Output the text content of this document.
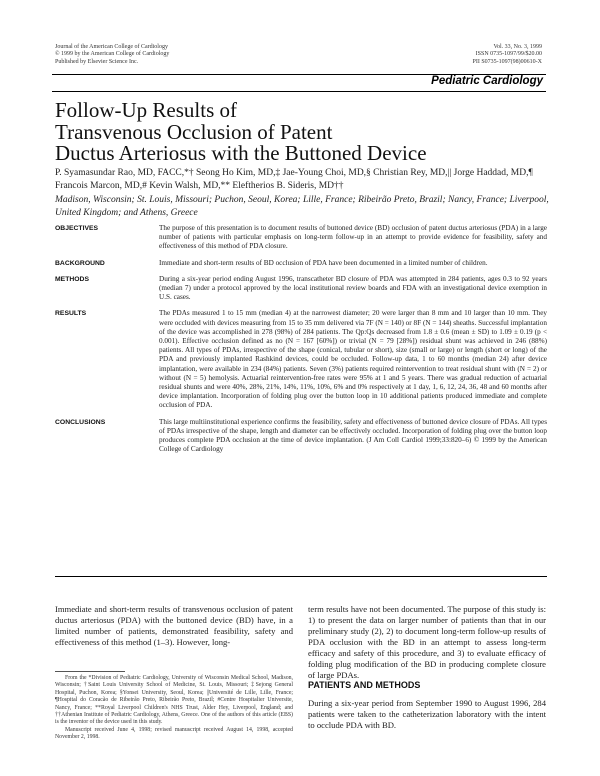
Journal of the American College of Cardiology
© 1999 by the American College of Cardiology
Published by Elsevier Science Inc.
Vol. 33, No. 3, 1999
ISSN 0735-1097/99/$20.00
PII S0735-1097(98)00610-X
Pediatric Cardiology
Follow-Up Results of
Transvenous Occlusion of Patent
Ductus Arteriosus with the Buttoned Device
P. Syamasundar Rao, MD, FACC,*† Seong Ho Kim, MD,‡ Jae-Young Choi, MD,§ Christian Rey, MD,|| Jorge Haddad, MD,¶ Francois Marcon, MD,# Kevin Walsh, MD,** Eleftherios B. Sideris, MD††
Madison, Wisconsin; St. Louis, Missouri; Puchon, Seoul, Korea; Lille, France; Ribeirão Preto, Brazil; Nancy, France; Liverpool, United Kingdom; and Athens, Greece
OBJECTIVES	The purpose of this presentation is to document results of buttoned device (BD) occlusion of patent ductus arteriosus (PDA) in a large number of patients with particular emphasis on long-term follow-up in an attempt to provide evidence for feasibility, safety and effectiveness of this method of PDA closure.
BACKGROUND	Immediate and short-term results of BD occlusion of PDA have been documented in a limited number of children.
METHODS	During a six-year period ending August 1996, transcatheter BD closure of PDA was attempted in 284 patients, ages 0.3 to 92 years (median 7) under a protocol approved by the local institutional review boards and FDA with an investigational device exemption in U.S. cases.
RESULTS	The PDAs measured 1 to 15 mm (median 4) at the narrowest diameter; 20 were larger than 8 mm and 10 larger than 10 mm. They were occluded with devices measuring from 15 to 35 mm delivered via 7F (N = 140) or 8F (N = 144) sheaths. Successful implantation of the device was accomplished in 278 (98%) of 284 patients. The Qp:Qs decreased from 1.8 ± 0.6 (mean ± SD) to 1.09 ± 0.19 (p < 0.001). Effective occlusion defined as no (N = 167 [60%]) or trivial (N = 79 [28%]) residual shunt was achieved in 246 (88%) patients. All types of PDAs, irrespective of the shape (conical, tubular or short), size (small or large) or length (short or long) of the PDA and previously implanted Rashkind devices, could be occluded. Follow-up data, 1 to 60 months (median 24) after device implantation, were available in 234 (84%) patients. Seven (3%) patients required reintervention to treat residual shunt with (N = 2) or without (N = 5) hemolysis. Actuarial reintervention-free rates were 95% at 1 and 5 years. There was gradual reduction of actuarial residual shunts and were 40%, 28%, 21%, 14%, 11%, 10%, 6% and 0% respectively at 1 day, 1, 6, 12, 24, 36, 48 and 60 months after device implantation. Incorporation of folding plug over the button loop in 10 additional patients produced immediate and complete occlusion of PDA.
CONCLUSIONS	This large multiinstitutional experience confirms the feasibility, safety and effectiveness of buttoned device closure of PDAs. All types of PDAs irrespective of the shape, length and diameter can be effectively occluded. Incorporation of folding plug over the button loop produces complete PDA occlusion at the time of device implantation. (J Am Coll Cardiol 1999;33:820–6) © 1999 by the American College of Cardiology
Immediate and short-term results of transvenous occlusion of patent ductus arteriosus (PDA) with the buttoned device (BD) have, in a limited number of patients, demonstrated feasibility, safety and effectiveness of this method (1–3). However, long-

From the *Division of Pediatric Cardiology, University of Wisconsin Medical School, Madison, Wisconsin; †Saint Louis University School of Medicine, St. Louis, Missouri; ‡Sejong General Hospital, Puchon, Korea; §Yonsei University, Seoul, Korea; ||Université de Lille, Lille, France; ¶Hospital do Coracão de Ribeirão Preto, Ribeirão Preto, Brazil; #Centre Hospitalier Universite, Nancy, France; **Royal Liverpool Children's NHS Trust, Alder Hey, Liverpool, England; and ††Athenian Institute of Pediatric Cardiology, Athens, Greece. One of the authors of this article (EBS) is the inventor of the device used in this study.

Manuscript received June 4, 1998; revised manuscript received August 14, 1998, accepted November 2, 1998.

term results have not been documented. The purpose of this study is: 1) to present the data on larger number of patients than that in our preliminary study (2), 2) to document long-term follow-up results of PDA occlusion with the BD in an attempt to assess long-term efficacy and safety of this procedure, and 3) to evaluate efficacy of folding plug modification of the BD in producing complete closure of large PDAs.
PATIENTS AND METHODS
During a six-year period from September 1990 to August 1996, 284 patients were taken to the catheterization laboratory with the intent to occlude PDA with BD.
